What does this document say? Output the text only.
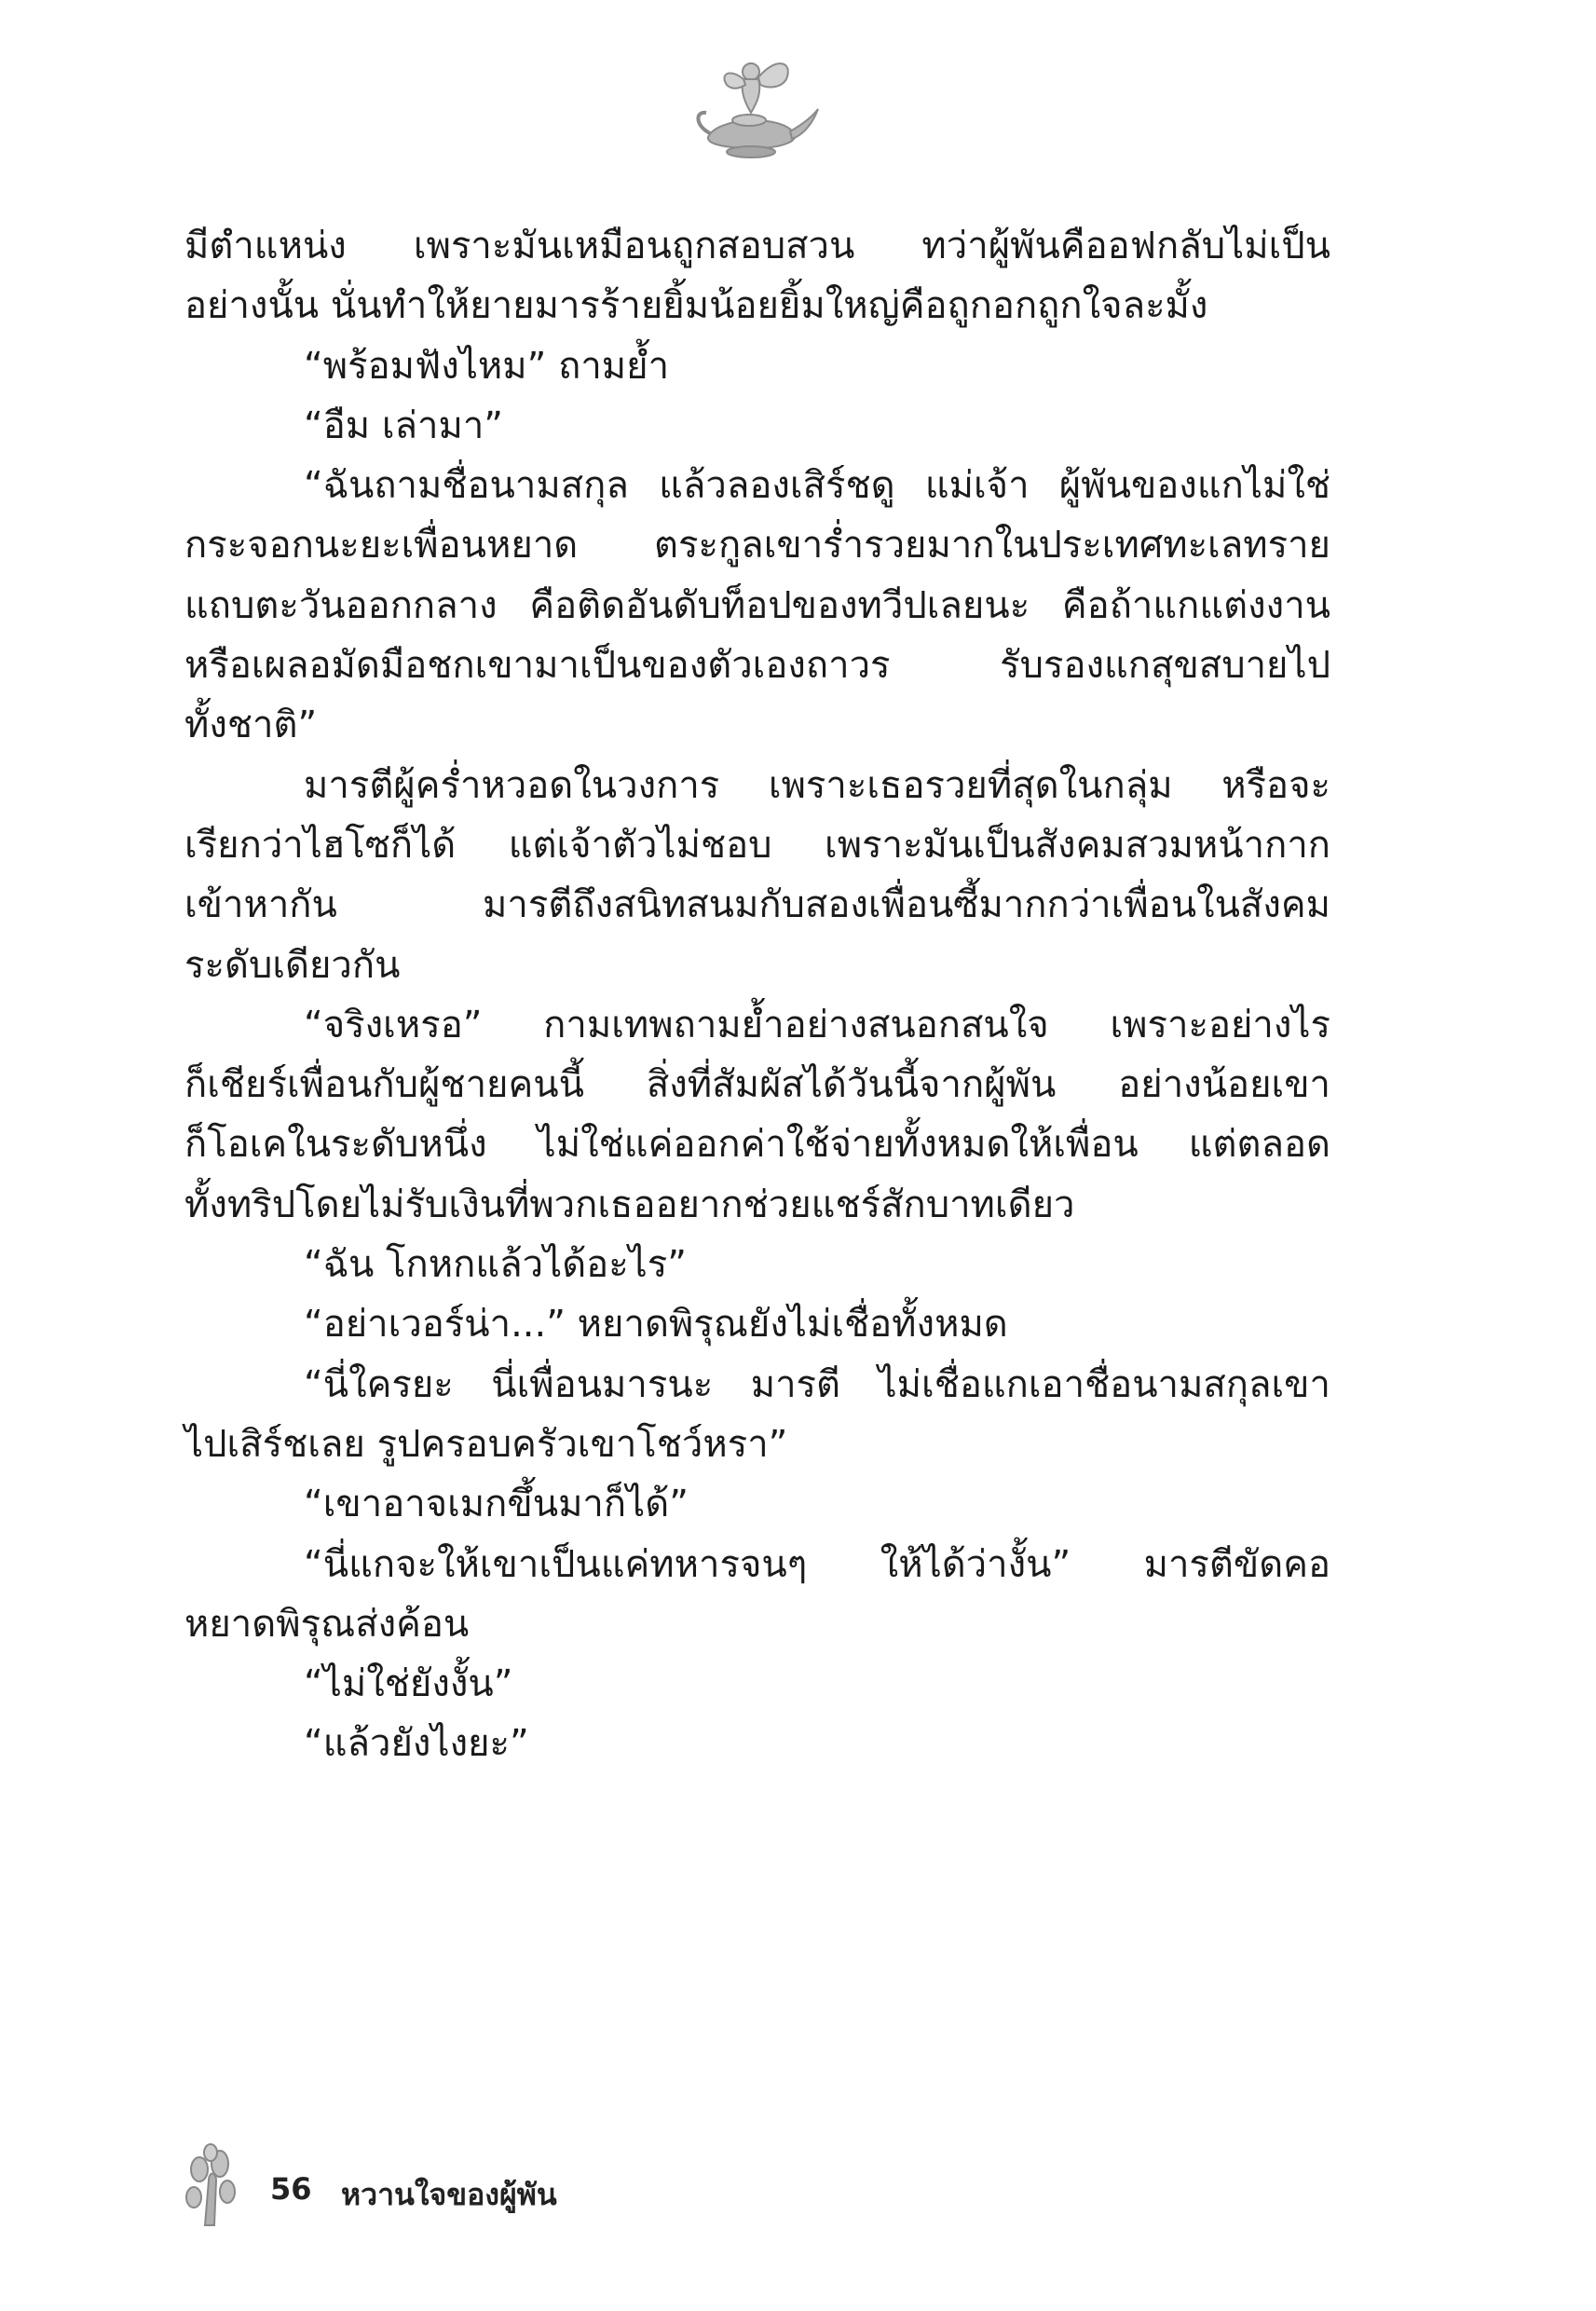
มีตำแหน่ง เพราะมันเหมือนถูกสอบสวน ทว่าผู้พันคืออฟกลับไม่เป็น
อย่างนั้น นั่นทำให้ยายมารร้ายยิ้มน้อยยิ้มใหญ่คือถูกอกถูกใจละมั้ง
“พร้อมฟังไหม” ถามย้ำ
“อืม เล่ามา”
“ฉันถามชื่อนามสกุล แล้วลองเสิร์ชดู แม่เจ้า ผู้พันของแกไม่ใช่
กระจอกนะยะเพื่อนหยาด ตระกูลเขาร่ำรวยมากในประเทศทะเลทราย
แถบตะวันออกกลาง คือติดอันดับท็อปของทวีปเลยนะ คือถ้าแกแต่งงาน
หรือเผลอมัดมือชกเขามาเป็นของตัวเองถาวร รับรองแกสุขสบายไป
ทั้งชาติ”
มารตีผู้คร่ำหวอดในวงการ เพราะเธอรวยที่สุดในกลุ่ม หรือจะ
เรียกว่าไฮโซก็ได้ แต่เจ้าตัวไม่ชอบ เพราะมันเป็นสังคมสวมหน้ากาก
เข้าหากัน มารตีถึงสนิทสนมกับสองเพื่อนซี้มากกว่าเพื่อนในสังคม
ระดับเดียวกัน
“จริงเหรอ” กามเทพถามย้ำอย่างสนอกสนใจ เพราะอย่างไร
ก็เชียร์เพื่อนกับผู้ชายคนนี้ สิ่งที่สัมผัสได้วันนี้จากผู้พัน อย่างน้อยเขา
ก็โอเคในระดับหนึ่ง ไม่ใช่แค่ออกค่าใช้จ่ายทั้งหมดให้เพื่อน แต่ตลอด
ทั้งทริปโดยไม่รับเงินที่พวกเธออยากช่วยแชร์สักบาทเดียว
“ฉัน โกหกแล้วได้อะไร”
“อย่าเวอร์น่า...” หยาดพิรุณยังไม่เชื่อทั้งหมด
“นี่ใครยะ นี่เพื่อนมารนะ มารตี ไม่เชื่อแกเอาชื่อนามสกุลเขา
ไปเสิร์ชเลย รูปครอบครัวเขาโชว์หรา”
“เขาอาจเมกขึ้นมาก็ได้”
“นี่แกจะให้เขาเป็นแค่ทหารจนๆ ให้ได้ว่างั้น” มารตีขัดคอ
หยาดพิรุณส่งค้อน
“ไม่ใช่ยังงั้น”
“แล้วยังไงยะ”
56 หวานใจของผู้พัน
